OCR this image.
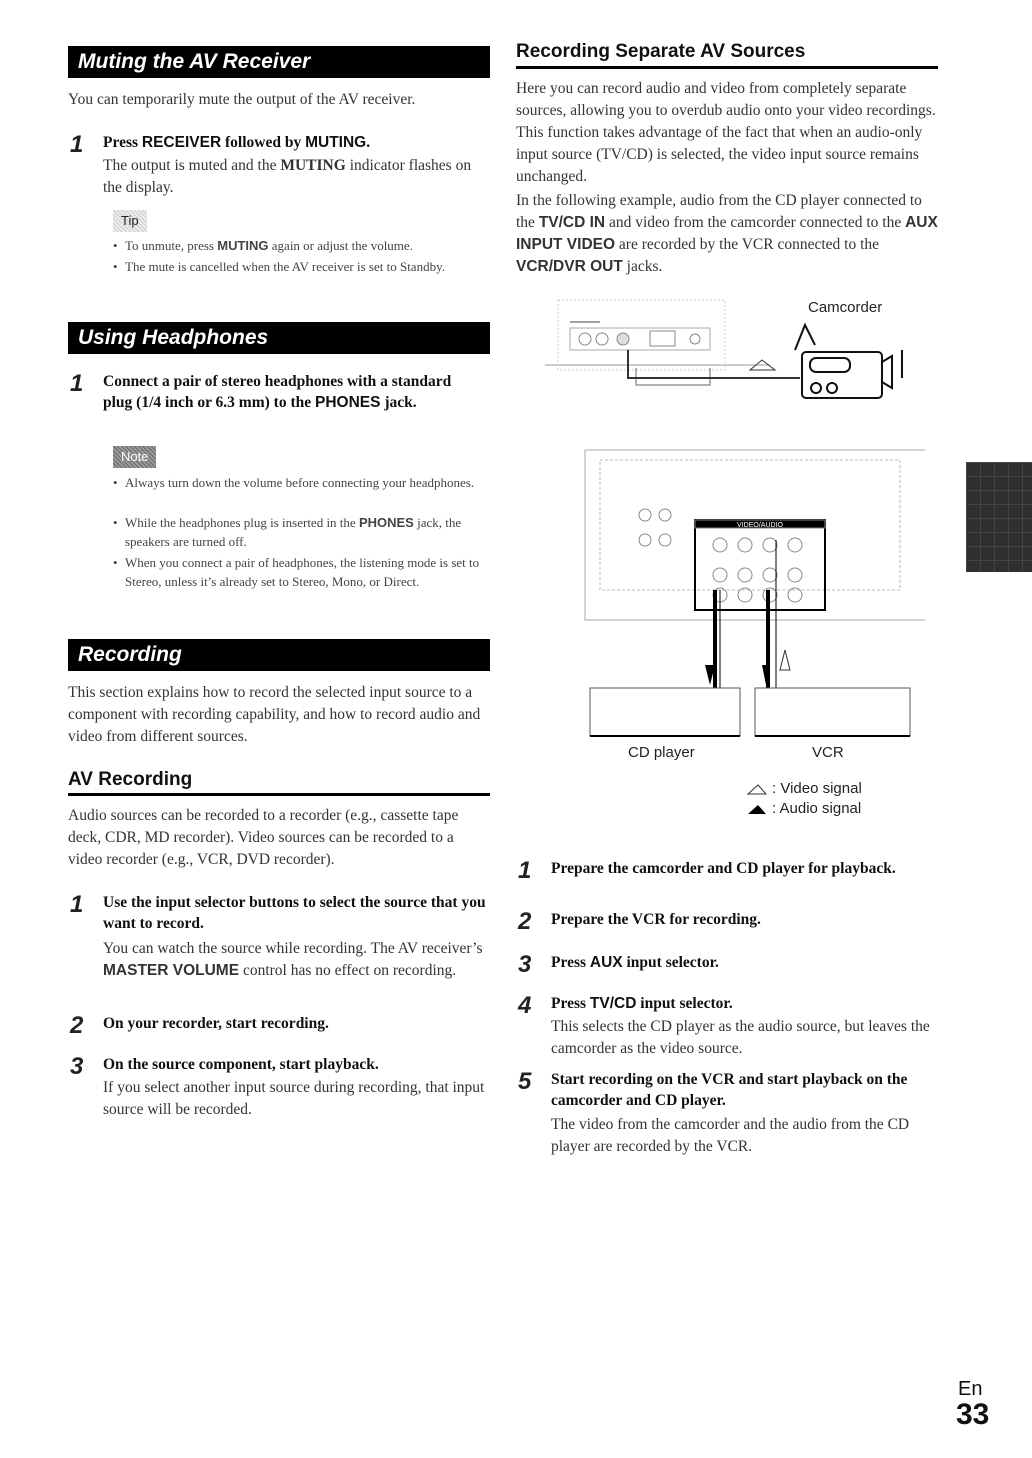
Muting the AV Receiver
You can temporarily mute the output of the AV receiver.
1 Press RECEIVER followed by MUTING.
The output is muted and the MUTING indicator flashes on the display.
Tip
• To unmute, press MUTING again or adjust the volume.
• The mute is cancelled when the AV receiver is set to Standby.
Using Headphones
1 Connect a pair of stereo headphones with a standard plug (1/4 inch or 6.3 mm) to the PHONES jack.
Note
• Always turn down the volume before connecting your headphones.
• While the headphones plug is inserted in the PHONES jack, the speakers are turned off.
• When you connect a pair of headphones, the listening mode is set to Stereo, unless it’s already set to Stereo, Mono, or Direct.
Recording
This section explains how to record the selected input source to a component with recording capability, and how to record audio and video from different sources.
AV Recording
Audio sources can be recorded to a recorder (e.g., cassette tape deck, CDR, MD recorder). Video sources can be recorded to a video recorder (e.g., VCR, DVD recorder).
1 Use the input selector buttons to select the source that you want to record.
You can watch the source while recording. The AV receiver’s MASTER VOLUME control has no effect on recording.
2 On your recorder, start recording.
3 On the source component, start playback.
If you select another input source during recording, that input source will be recorded.
Recording Separate AV Sources
Here you can record audio and video from completely separate sources, allowing you to overdub audio onto your video recordings. This function takes advantage of the fact that when an audio-only input source (TV/CD) is selected, the video input source remains unchanged.
In the following example, audio from the CD player connected to the TV/CD IN and video from the camcorder connected to the AUX INPUT VIDEO are recorded by the VCR connected to the VCR/DVR OUT jacks.
VIDEO/AUDIO
Camcorder
CD player	VCR
: Video signal
: Audio signal
1 Prepare the camcorder and CD player for playback.
2 Prepare the VCR for recording.
3 Press AUX input selector.
4 Press TV/CD input selector.
This selects the CD player as the audio source, but leaves the camcorder as the video source.
5 Start recording on the VCR and start playback on the camcorder and CD player.
The video from the camcorder and the audio from the CD player are recorded by the VCR.
En
33
